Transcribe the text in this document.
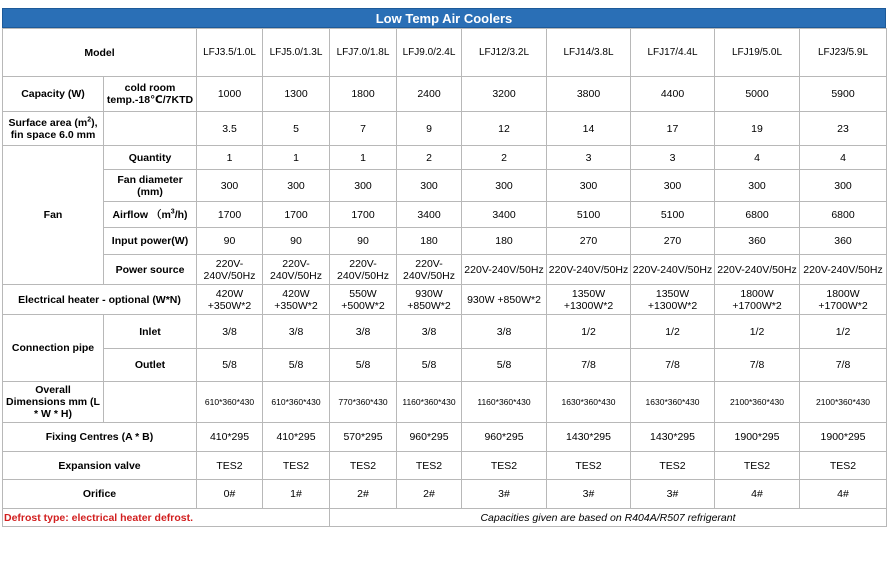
Low Temp Air Coolers
Model		LFJ3.5/1.0L	LFJ5.0/1.3L	LFJ7.0/1.8L	LFJ9.0/2.4L	LFJ12/3.2L	LFJ14/3.8L	LFJ17/4.4L	LFJ19/5.0L	LFJ23/5.9L
Capacity (W)	cold room temp.-18℃/7KTD	1000	1300	1800	2400	3200	3800	4400	5000	5900
Surface area $(m^2)$, fin space 6.0 mm		3.5	5	7	9	12	14	17	19	23
Fan	Quantity	1	1	1	2	2	3	3	4	4
	Fan diameter (mm)	300	300	300	300	300	300	300	300	300
	Airflow $(m^3/h)$	1700	1700	1700	3400	3400	5100	5100	6800	6800
	Input power(W)	90	90	90	180	180	270	270	360	360
	Power source	220V-240V/50Hz	220V-240V/50Hz	220V-240V/50Hz	220V-240V/50Hz	220V-240V/50Hz	220V-240V/50Hz	220V-240V/50Hz	220V-240V/50Hz	220V-240V/50Hz
Electrical heater - optional (W*N)		420W +350W*2	420W +350W*2	550W +500W*2	930W +850W*2	930W +850W*2	1350W +1300W*2	1350W +1300W*2	1800W +1700W*2	1800W +1700W*2
Connection pipe	Inlet	3/8	3/8	3/8	3/8	3/8	1/2	1/2	1/2	1/2
	Outlet	5/8	5/8	5/8	5/8	5/8	7/8	7/8	7/8	7/8
Overall Dimensions mm (L * W * H)		610*360*430	610*360*430	770*360*430	1160*360*430	1160*360*430	1630*360*430	1630*360*430	2100*360*430	2100*360*430
Fixing Centres (A * B)		410*295	410*295	570*295	960*295	960*295	1430*295	1430*295	1900*295	1900*295
Expansion valve		TES2	TES2	TES2	TES2	TES2	TES2	TES2	TES2	TES2
Orifice		0#	1#	2#	2#	3#	3#	3#	4#	4#
Defrost type: electrical heater defrost.				Capacities given are based on R404A/R507 refrigerant						
